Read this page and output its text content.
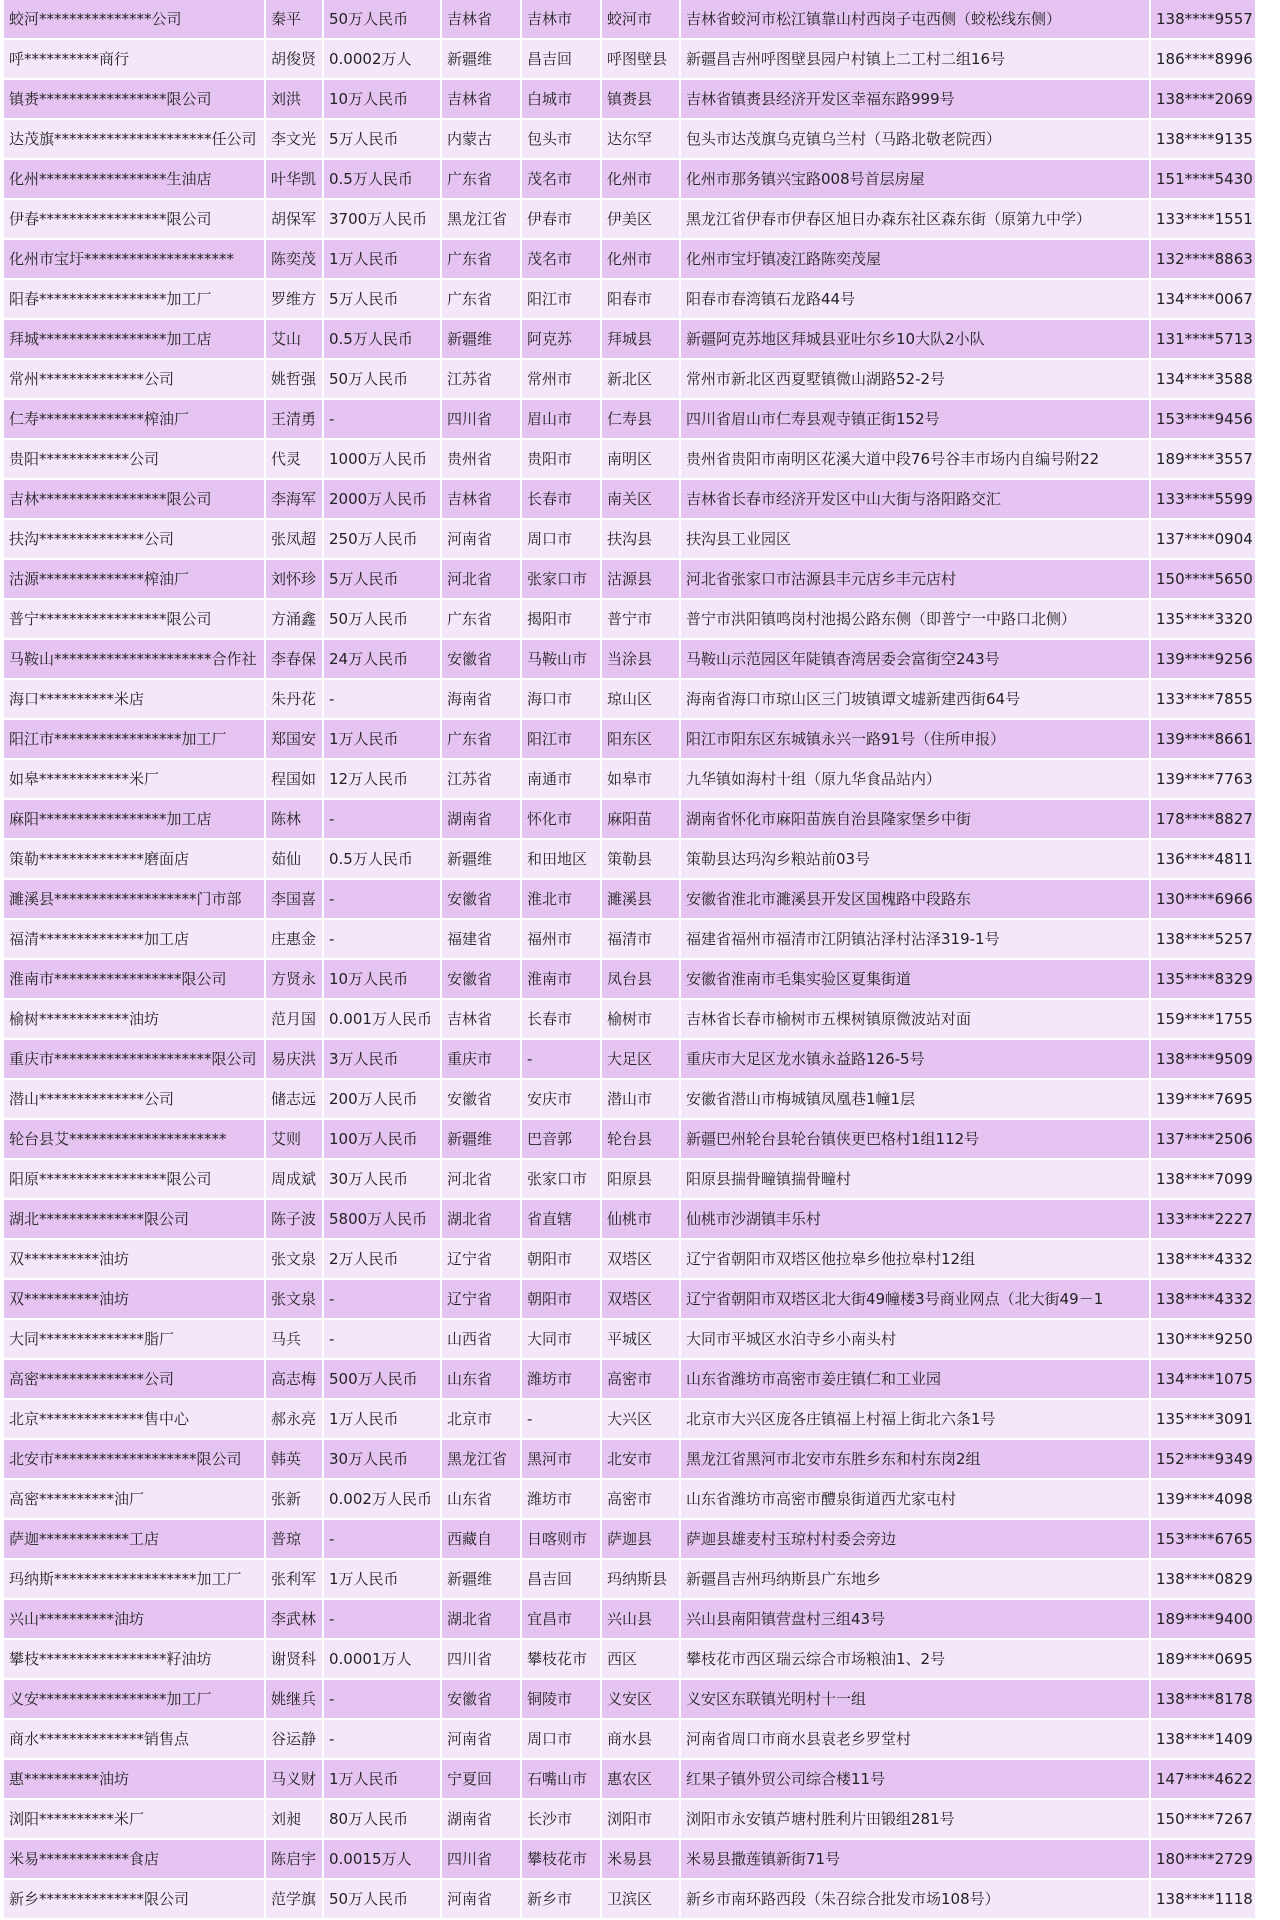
蛟河***************公司	秦平	50万人民币	吉林省	吉林市	蛟河市	吉林省蛟河市松江镇靠山村西岗子屯西侧（蛟松线东侧）	138****9557
呼**********商行	胡俊贤	0.0002万人	新疆维	昌吉回	呼图壁县	新疆昌吉州呼图壁县园户村镇上二工村二组16号	186****8996
镇赉*****************限公司	刘洪	10万人民币	吉林省	白城市	镇赉县	吉林省镇赉县经济开发区幸福东路999号	138****2069
达茂旗*********************任公司	李文光	5万人民币	内蒙古	包头市	达尔罕	包头市达茂旗乌克镇乌兰村（马路北敬老院西）	138****9135
化州*****************生油店	叶华凯	0.5万人民币	广东省	茂名市	化州市	化州市那务镇兴宝路008号首层房屋	151****5430
伊春*****************限公司	胡保军	3700万人民币	黑龙江省	伊春市	伊美区	黑龙江省伊春市伊春区旭日办森东社区森东街（原第九中学）	133****1551
化州市宝圩********************	陈奕茂	1万人民币	广东省	茂名市	化州市	化州市宝圩镇凌江路陈奕茂屋	132****8863
阳春*****************加工厂	罗维方	5万人民币	广东省	阳江市	阳春市	阳春市春湾镇石龙路44号	134****0067
拜城*****************加工店	艾山	0.5万人民币	新疆维	阿克苏	拜城县	新疆阿克苏地区拜城县亚吐尔乡10大队2小队	131****5713
常州**************公司	姚哲强	50万人民币	江苏省	常州市	新北区	常州市新北区西夏墅镇微山湖路52-2号	134****3588
仁寿**************榨油厂	王清勇	-	四川省	眉山市	仁寿县	四川省眉山市仁寿县观寺镇正街152号	153****9456
贵阳************公司	代灵	1000万人民币	贵州省	贵阳市	南明区	贵州省贵阳市南明区花溪大道中段76号谷丰市场内自编号附22	189****3557
吉林*****************限公司	李海军	2000万人民币	吉林省	长春市	南关区	吉林省长春市经济开发区中山大街与洛阳路交汇	133****5599
扶沟**************公司	张凤超	250万人民币	河南省	周口市	扶沟县	扶沟县工业园区	137****0904
沽源**************榨油厂	刘怀珍	5万人民币	河北省	张家口市	沽源县	河北省张家口市沽源县丰元店乡丰元店村	150****5650
普宁*****************限公司	方涌鑫	50万人民币	广东省	揭阳市	普宁市	普宁市洪阳镇鸣岗村池揭公路东侧（即普宁一中路口北侧）	135****3320
马鞍山*********************合作社	李春保	24万人民币	安徽省	马鞍山市	当涂县	马鞍山示范园区年陡镇杳湾居委会富街空243号	139****9256
海口**********米店	朱丹花	-	海南省	海口市	琼山区	海南省海口市琼山区三门坡镇谭文墟新建西街64号	133****7855
阳江市*****************加工厂	郑国安	1万人民币	广东省	阳江市	阳东区	阳江市阳东区东城镇永兴一路91号（住所申报）	139****8661
如皋************米厂	程国如	12万人民币	江苏省	南通市	如皋市	九华镇如海村十组（原九华食品站内）	139****7763
麻阳*****************加工店	陈林	-	湖南省	怀化市	麻阳苗	湖南省怀化市麻阳苗族自治县隆家堡乡中街	178****8827
策勒**************磨面店	茹仙	0.5万人民币	新疆维	和田地区	策勒县	策勒县达玛沟乡粮站前03号	136****4811
濉溪县*******************门市部	李国喜	-	安徽省	淮北市	濉溪县	安徽省淮北市濉溪县开发区国槐路中段路东	130****6966
福清**************加工店	庄惠金	-	福建省	福州市	福清市	福建省福州市福清市江阴镇沾泽村沾泽319-1号	138****5257
淮南市*****************限公司	方贤永	10万人民币	安徽省	淮南市	凤台县	安徽省淮南市毛集实验区夏集街道	135****8329
榆树************油坊	范月国	0.001万人民币	吉林省	长春市	榆树市	吉林省长春市榆树市五棵树镇原微波站对面	159****1755
重庆市*********************限公司	易庆洪	3万人民币	重庆市	-	大足区	重庆市大足区龙水镇永益路126-5号	138****9509
潜山**************公司	储志远	200万人民币	安徽省	安庆市	潜山市	安徽省潜山市梅城镇凤凰巷1幢1层	139****7695
轮台县艾*********************	艾则	100万人民币	新疆维	巴音郭	轮台县	新疆巴州轮台县轮台镇侠更巴格村1组112号	137****2506
阳原*****************限公司	周成斌	30万人民币	河北省	张家口市	阳原县	阳原县揣骨疃镇揣骨疃村	138****7099
湖北**************限公司	陈子波	5800万人民币	湖北省	省直辖	仙桃市	仙桃市沙湖镇丰乐村	133****2227
双**********油坊	张文泉	2万人民币	辽宁省	朝阳市	双塔区	辽宁省朝阳市双塔区他拉皋乡他拉皋村12组	138****4332
双**********油坊	张文泉	-	辽宁省	朝阳市	双塔区	辽宁省朝阳市双塔区北大街49幢楼3号商业网点（北大街49－1	138****4332
大同**************脂厂	马兵	-	山西省	大同市	平城区	大同市平城区水泊寺乡小南头村	130****9250
高密**************公司	高志梅	500万人民币	山东省	潍坊市	高密市	山东省潍坊市高密市姜庄镇仁和工业园	134****1075
北京**************售中心	郝永亮	1万人民币	北京市	-	大兴区	北京市大兴区庞各庄镇福上村福上街北六条1号	135****3091
北安市*******************限公司	韩英	30万人民币	黑龙江省	黑河市	北安市	黑龙江省黑河市北安市东胜乡东和村东岗2组	152****9349
高密**********油厂	张新	0.002万人民币	山东省	潍坊市	高密市	山东省潍坊市高密市醴泉街道西尤家屯村	139****4098
萨迦************工店	普琼	-	西藏自	日喀则市	萨迦县	萨迦县雄麦村玉琼村村委会旁边	153****6765
玛纳斯*******************加工厂	张利军	1万人民币	新疆维	昌吉回	玛纳斯县	新疆昌吉州玛纳斯县广东地乡	138****0829
兴山**********油坊	李武林	-	湖北省	宜昌市	兴山县	兴山县南阳镇营盘村三组43号	189****9400
攀枝*****************籽油坊	谢贤科	0.0001万人	四川省	攀枝花市	西区	攀枝花市西区瑞云综合市场粮油1、2号	189****0695
义安*****************加工厂	姚继兵	-	安徽省	铜陵市	义安区	义安区东联镇光明村十一组	138****8178
商水**************销售点	谷运静	-	河南省	周口市	商水县	河南省周口市商水县袁老乡罗堂村	138****1409
惠**********油坊	马义财	1万人民币	宁夏回	石嘴山市	惠农区	红果子镇外贸公司综合楼11号	147****4622
浏阳**********米厂	刘昶	80万人民币	湖南省	长沙市	浏阳市	浏阳市永安镇芦塘村胜利片田锻组281号	150****7267
米易************食店	陈启宇	0.0015万人	四川省	攀枝花市	米易县	米易县撒莲镇新街71号	180****2729
新乡**************限公司	范学旗	50万人民币	河南省	新乡市	卫滨区	新乡市南环路西段（朱召综合批发市场108号）	138****1118
